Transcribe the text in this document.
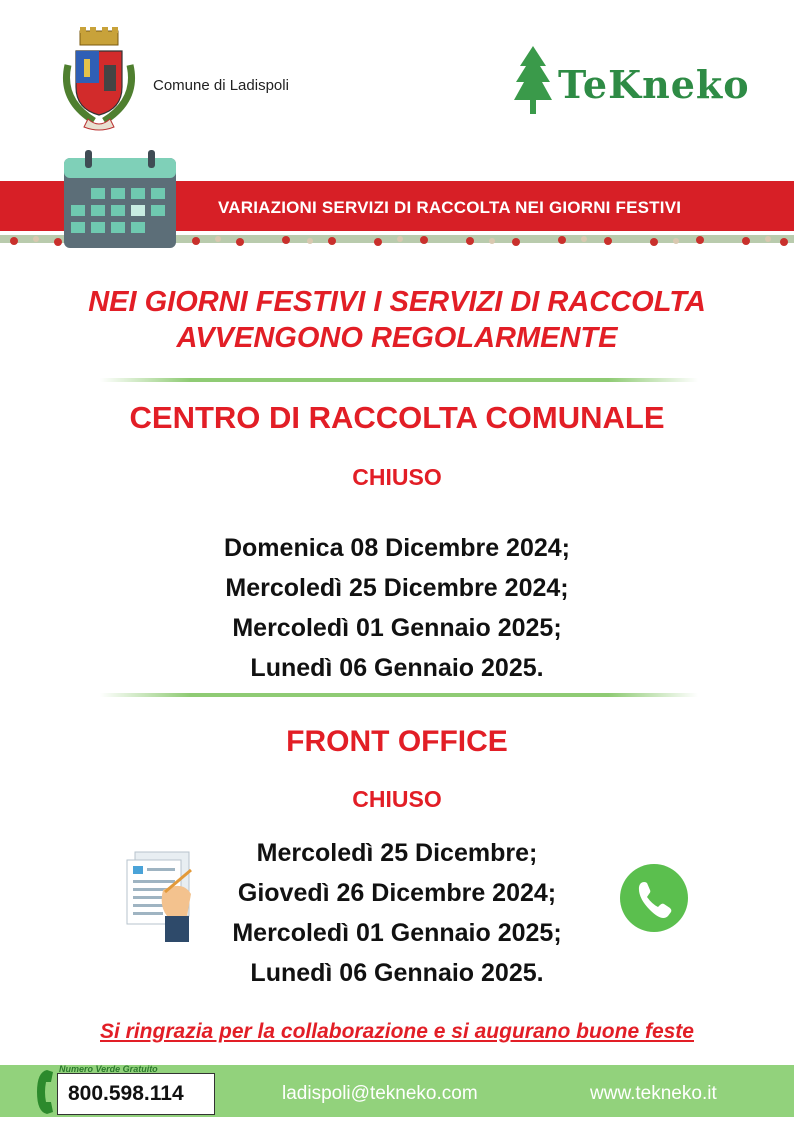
Comune di Ladispoli	TeKneko
VARIAZIONI SERVIZI DI RACCOLTA NEI GIORNI FESTIVI
NEI GIORNI FESTIVI I SERVIZI DI RACCOLTA
AVVENGONO REGOLARMENTE
CENTRO DI RACCOLTA COMUNALE
CHIUSO
Domenica 08 Dicembre 2024;
Mercoledì 25 Dicembre 2024;
Mercoledì 01 Gennaio 2025;
Lunedì 06 Gennaio 2025.
FRONT OFFICE
CHIUSO
Mercoledì 25 Dicembre;
Giovedì 26 Dicembre 2024;
Mercoledì 01 Gennaio 2025;
Lunedì 06 Gennaio 2025.
Si ringrazia per la collaborazione e si augurano buone feste
Numero Verde Gratuito
800.598.114	ladispoli@tekneko.com	www.tekneko.it
